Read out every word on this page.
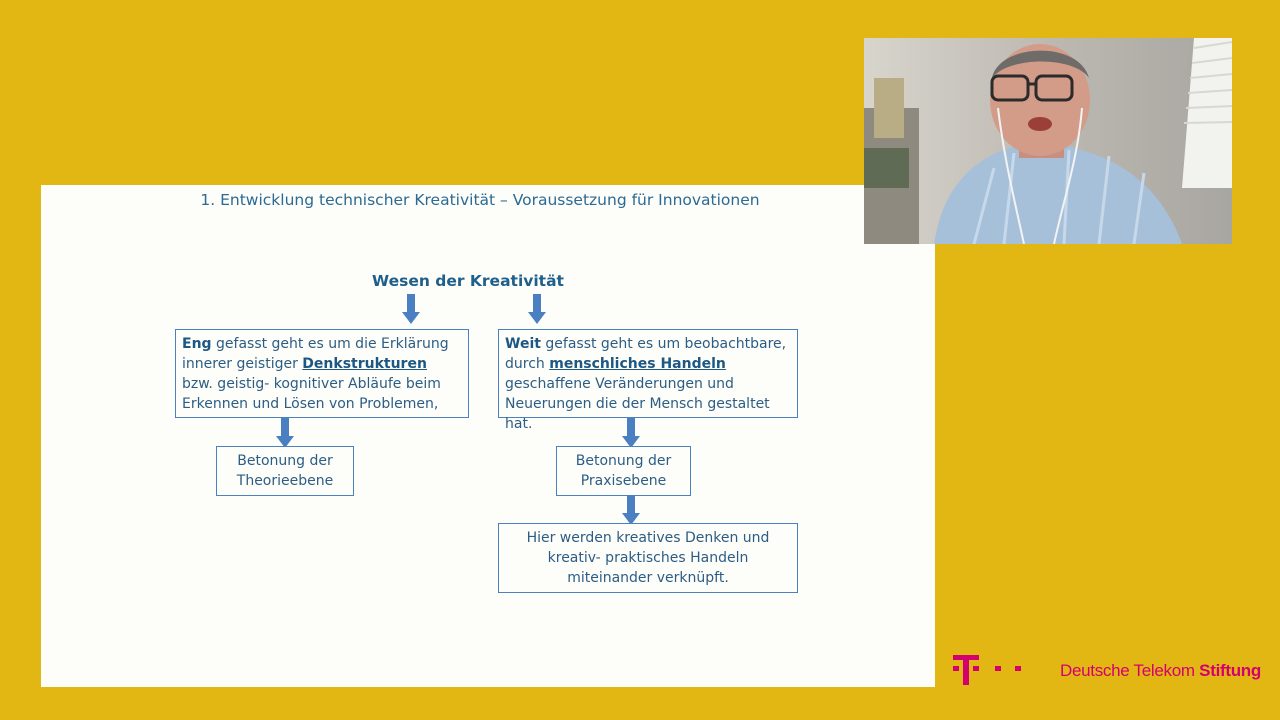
1. Entwicklung technischer Kreativität – Voraussetzung für Innovationen
Wesen der Kreativität
Eng gefasst geht es um die Erklärung innerer geistiger Denkstrukturen bzw. geistig- kognitiver Abläufe beim Erkennen und Lösen von Problemen,
Weit gefasst geht es um beobachtbare, durch menschliches Handeln geschaffene Veränderungen und Neuerungen die der Mensch gestaltet hat.
Betonung der Theorieebene
Betonung der Praxisebene
Hier werden kreatives Denken und kreativ- praktisches Handeln miteinander verknüpft.
Deutsche Telekom Stiftung
